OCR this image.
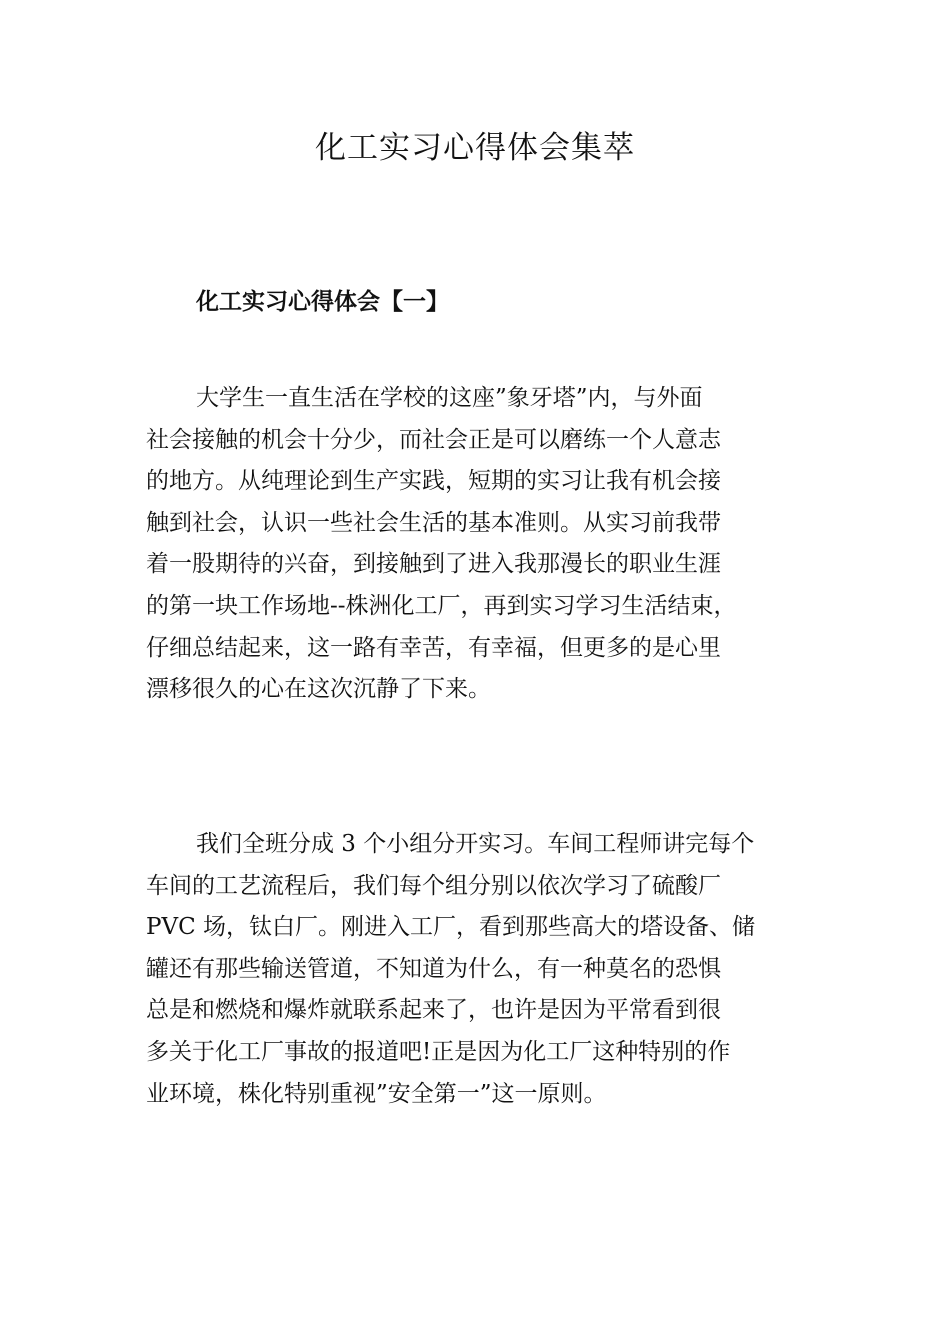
化工实习心得体会集萃
化工实习心得体会【一】

大学生一直生活在学校的这座”象牙塔”内，与外面
社会接触的机会十分少，而社会正是可以磨练一个人意志
的地方。从纯理论到生产实践，短期的实习让我有机会接
触到社会，认识一些社会生活的基本准则。从实习前我带
着一股期待的兴奋，到接触到了进入我那漫长的职业生涯
的第一块工作场地--株洲化工厂，再到实习学习生活结束，
仔细总结起来，这一路有幸苦，有幸福，但更多的是心里
漂移很久的心在这次沉静了下来。

我们全班分成 3 个小组分开实习。车间工程师讲完每个
车间的工艺流程后，我们每个组分别以依次学习了硫酸厂
PVC 场，钛白厂。刚进入工厂，看到那些高大的塔设备、储
罐还有那些输送管道，不知道为什么，有一种莫名的恐惧
总是和燃烧和爆炸就联系起来了，也许是因为平常看到很
多关于化工厂事故的报道吧!正是因为化工厂这种特别的作
业环境，株化特别重视”安全第一”这一原则。
